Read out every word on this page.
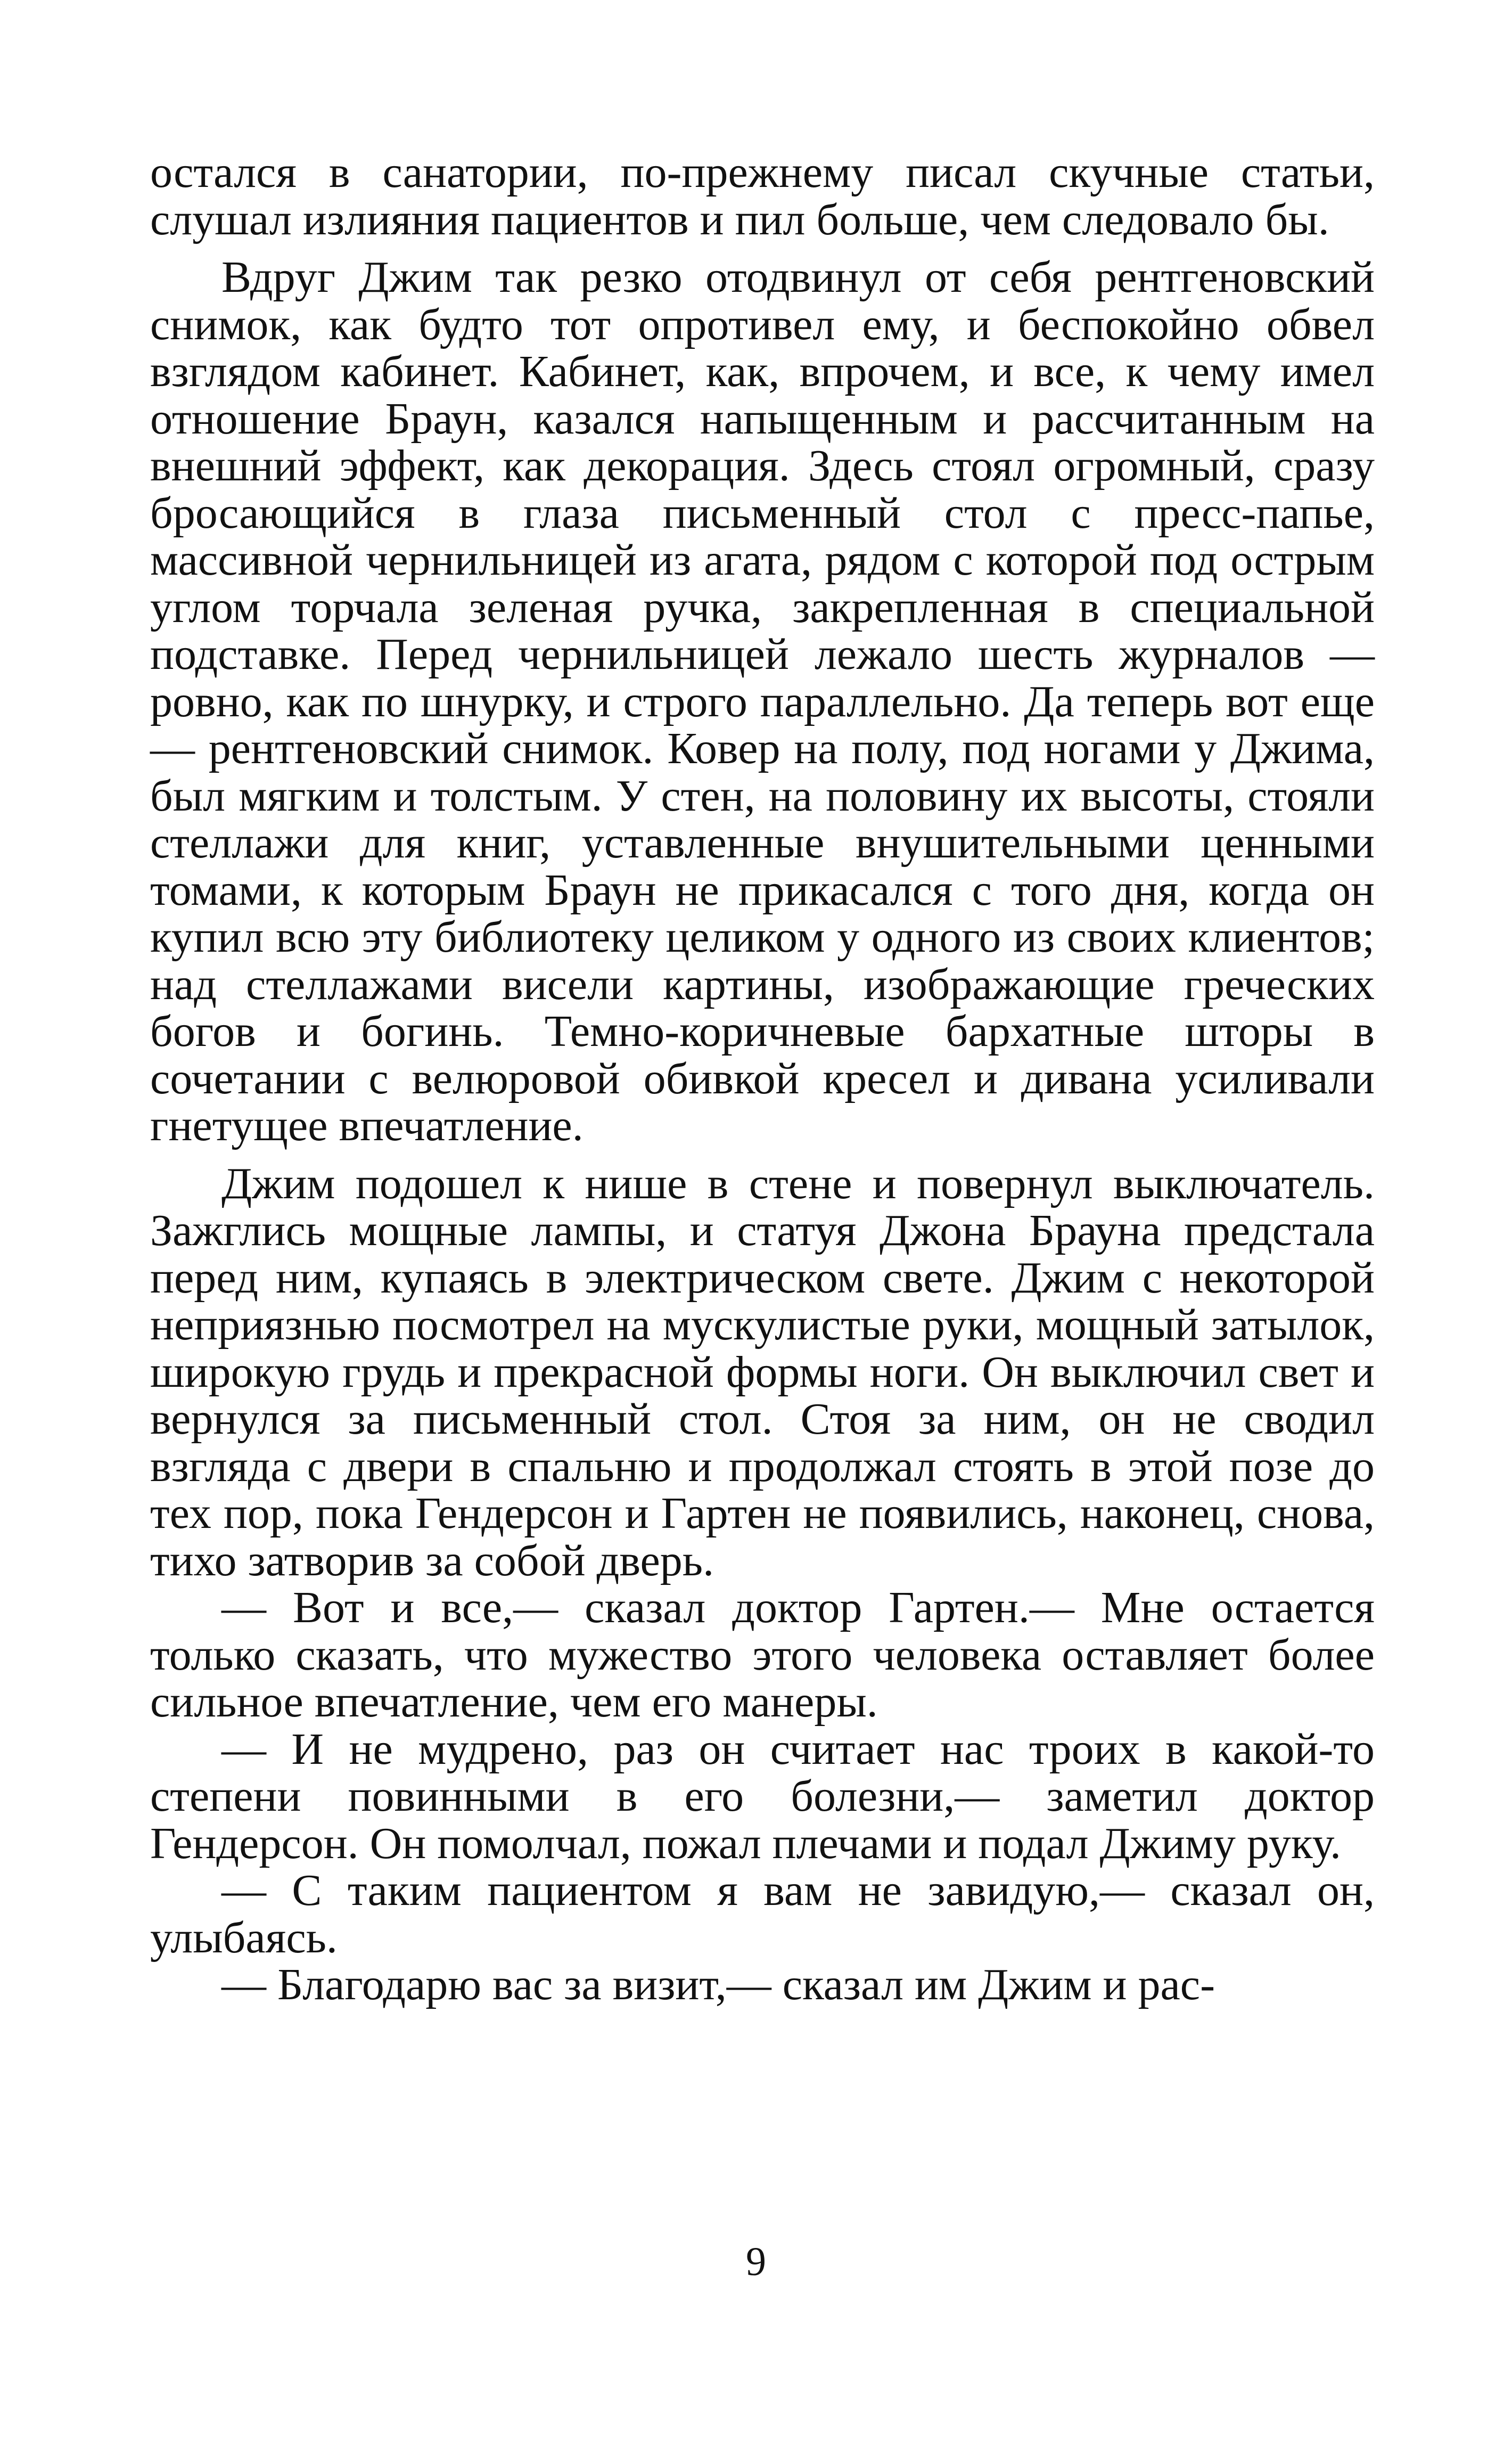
остался в санатории, по-прежнему писал скучные статьи, слушал излияния пациентов и пил больше, чем следовало бы.

Вдруг Джим так резко отодвинул от себя рентгеновский снимок, как будто тот опротивел ему, и беспокойно обвел взглядом кабинет. Кабинет, как, впрочем, и все, к чему имел отношение Браун, казался напыщенным и рассчитанным на внешний эффект, как декорация. Здесь стоял огромный, сразу бросающийся в глаза письменный стол с пресс-папье, массивной чернильницей из агата, рядом с которой под острым углом торчала зеленая ручка, закрепленная в специальной подставке. Перед чернильницей лежало шесть журналов — ровно, как по шнурку, и строго параллельно. Да теперь вот еще — рентгеновский снимок. Ковер на полу, под ногами у Джима, был мягким и толстым. У стен, на половину их высоты, стояли стеллажи для книг, уставленные внушительными ценными томами, к которым Браун не прикасался с того дня, когда он купил всю эту библиотеку целиком у одного из своих клиентов; над стеллажами висели картины, изображающие греческих богов и богинь. Темно-коричневые бархатные шторы в сочетании с велюровой обивкой кресел и дивана усиливали гнетущее впечатление.

Джим подошел к нише в стене и повернул выключатель. Зажглись мощные лампы, и статуя Джона Брауна предстала перед ним, купаясь в электрическом свете. Джим с некоторой неприязнью посмотрел на мускулистые руки, мощный затылок, широкую грудь и прекрасной формы ноги. Он выключил свет и вернулся за письменный стол. Стоя за ним, он не сводил взгляда с двери в спальню и продолжал стоять в этой позе до тех пор, пока Гендерсон и Гартен не появились, наконец, снова, тихо затворив за собой дверь.

— Вот и все,— сказал доктор Гартен.— Мне остается только сказать, что мужество этого человека оставляет более сильное впечатление, чем его манеры.

— И не мудрено, раз он считает нас троих в какой-то степени повинными в его болезни,— заметил доктор Гендерсон. Он помолчал, пожал плечами и подал Джиму руку.

— С таким пациентом я вам не завидую,— сказал он, улыбаясь.

— Благодарю вас за визит,— сказал им Джим и рас-

9
